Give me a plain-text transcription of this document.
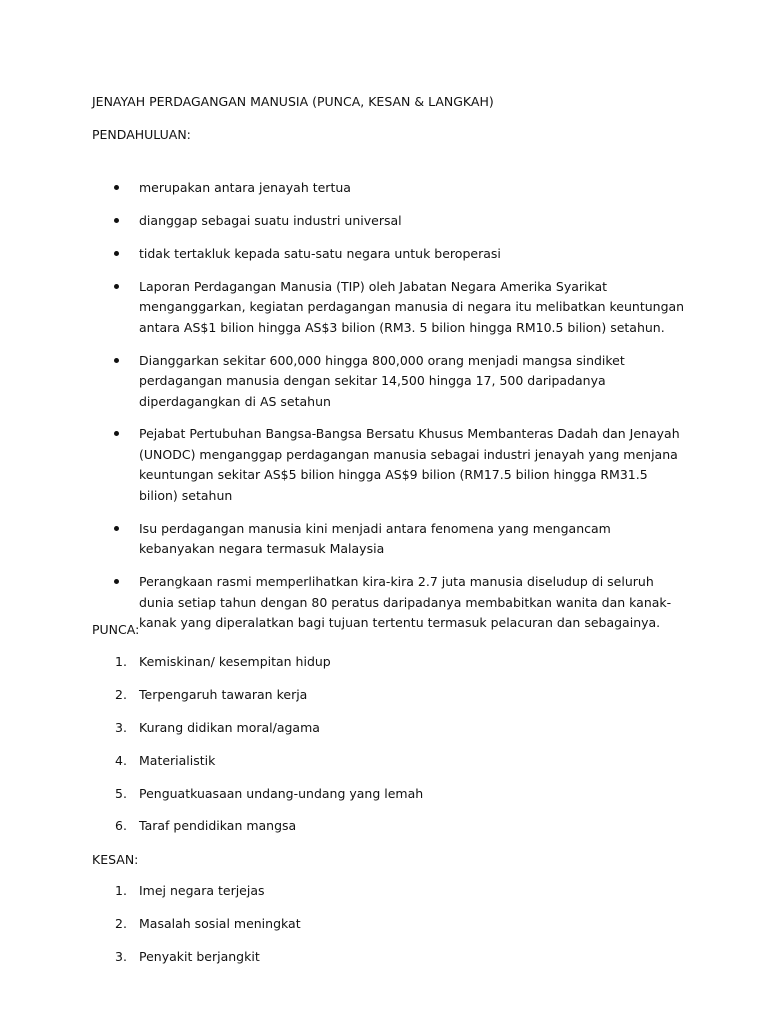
JENAYAH PERDAGANGAN MANUSIA (PUNCA, KESAN & LANGKAH)

PENDAHULUAN:

merupakan antara jenayah tertua
dianggap sebagai suatu industri universal
tidak tertakluk kepada satu-satu negara untuk beroperasi
Laporan Perdagangan Manusia (TIP) oleh Jabatan Negara Amerika Syarikat menganggarkan, kegiatan perdagangan manusia di negara itu melibatkan keuntungan antara AS$1 bilion hingga AS$3 bilion (RM3. 5 bilion hingga RM10.5 bilion) setahun.
Dianggarkan sekitar 600,000 hingga 800,000 orang menjadi mangsa sindiket perdagangan manusia dengan sekitar 14,500 hingga 17, 500 daripadanya diperdagangkan di AS setahun
Pejabat Pertubuhan Bangsa-Bangsa Bersatu Khusus Membanteras Dadah dan Jenayah (UNODC) menganggap perdagangan manusia sebagai industri jenayah yang menjana keuntungan sekitar AS$5 bilion hingga AS$9 bilion (RM17.5 bilion hingga RM31.5 bilion) setahun
Isu perdagangan manusia kini menjadi antara fenomena yang mengancam kebanyakan negara termasuk Malaysia
Perangkaan rasmi memperlihatkan kira-kira 2.7 juta manusia diseludup di seluruh dunia setiap tahun dengan 80 peratus daripadanya membabitkan wanita dan kanak-kanak yang diperalatkan bagi tujuan tertentu termasuk pelacuran dan sebagainya.

PUNCA:

1. Kemiskinan/ kesempitan hidup
2. Terpengaruh tawaran kerja
3. Kurang didikan moral/agama
4. Materialistik
5. Penguatkuasaan undang-undang yang lemah
6. Taraf pendidikan mangsa

KESAN:

1. Imej negara terjejas
2. Masalah sosial meningkat
3. Penyakit berjangkit
